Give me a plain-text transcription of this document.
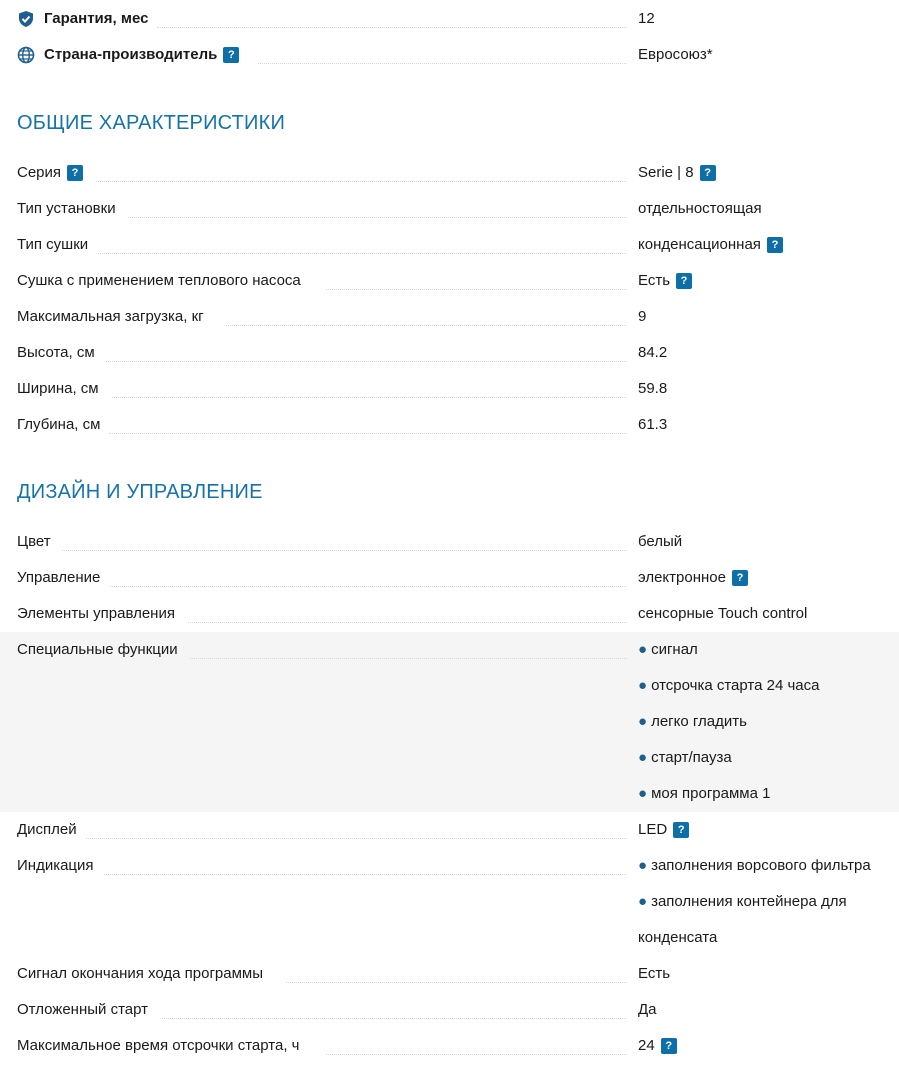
Гарантия, мес	12
Страна-производитель ?	Евросоюз*
ОБЩИЕ ХАРАКТЕРИСТИКИ
Серия ?	Serie | 8 ?
Тип установки	отдельностоящая
Тип сушки	конденсационная ?
Сушка с применением теплового насоса	Есть ?
Максимальная загрузка, кг	9
Высота, см	84.2
Ширина, см	59.8
Глубина, см	61.3
ДИЗАЙН И УПРАВЛЕНИЕ
Цвет	белый
Управление	электронное ?
Элементы управления	сенсорные Touch control
Специальные функции	● сигнал
● отсрочка старта 24 часа
● легко гладить
● старт/пауза
● моя программа 1
Дисплей	LED ?
Индикация	● заполнения ворсового фильтра
● заполнения контейнера для
конденсата
Сигнал окончания хода программы	Есть
Отложенный старт	Да
Максимальное время отсрочки старта, ч	24 ?
